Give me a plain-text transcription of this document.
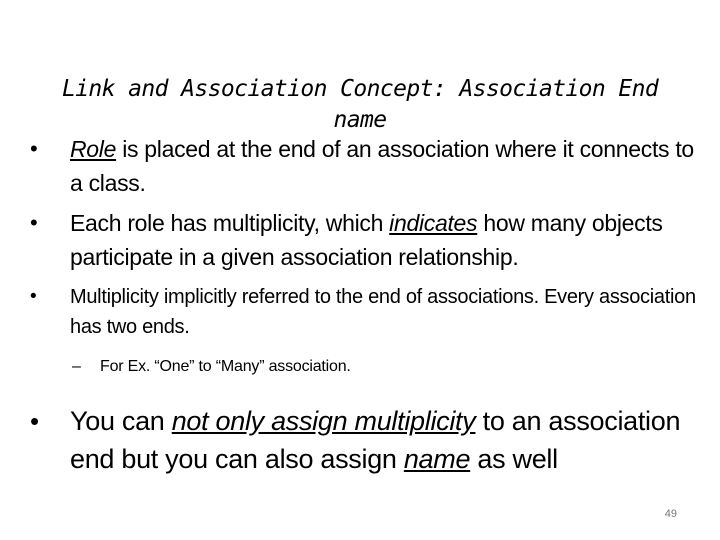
Link and Association Concept: Association End name
• Role is placed at the end of an association where it connects to a class.
• Each role has multiplicity, which indicates how many objects participate in a given association relationship.
• Multiplicity implicitly referred to the end of associations. Every association has two ends.
– For Ex. “One” to “Many” association.
• You can not only assign multiplicity to an association end but you can also assign name as well
49
